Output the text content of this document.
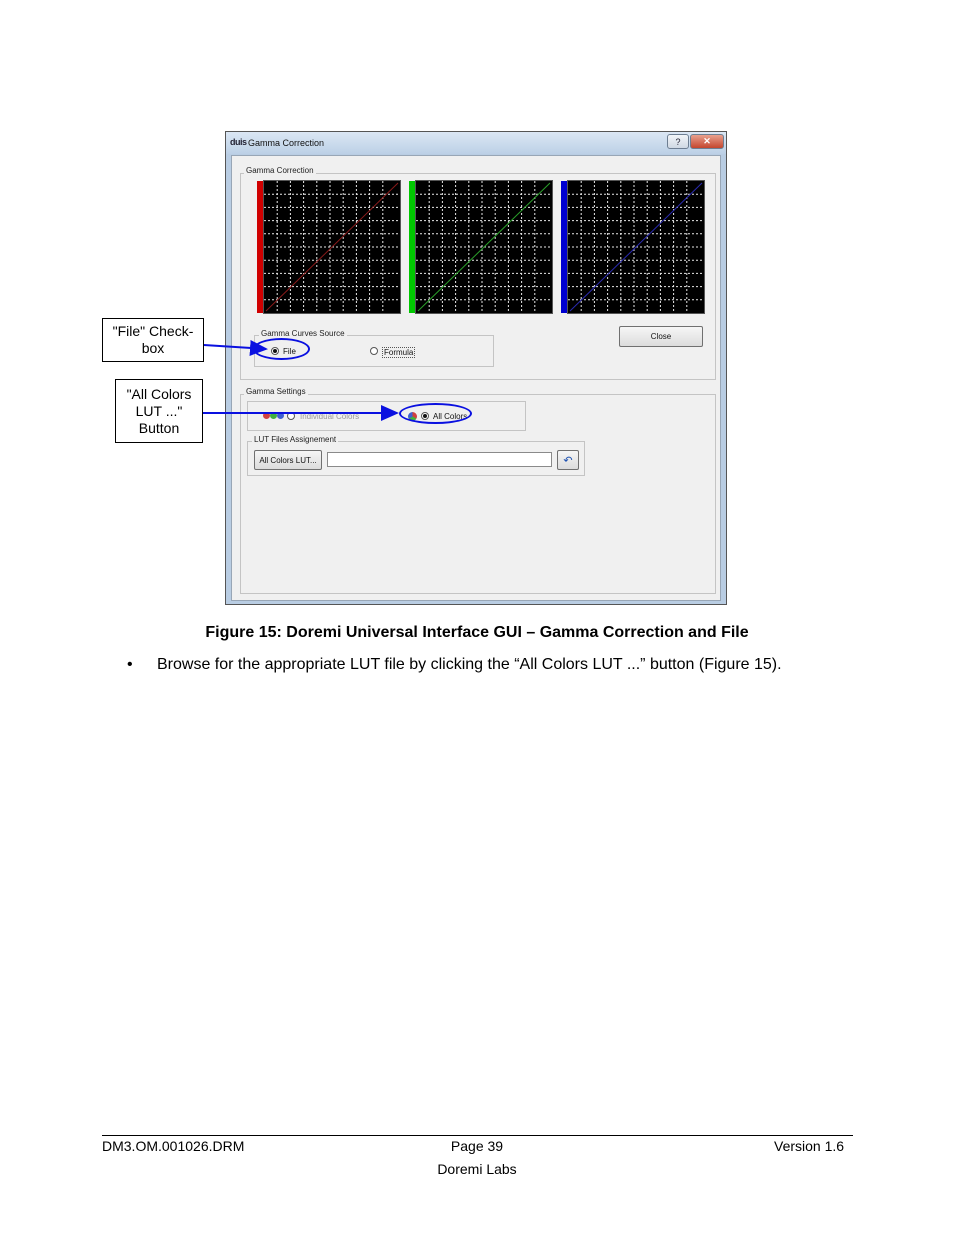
duis Gamma Correction	?	✕
Gamma Correction
Gamma Curves Source
File	Formula
Close
Gamma Settings
Individual Colors	All Colors
LUT Files Assignement
All Colors LUT...	↶
"File" Check-
box
"All Colors
LUT ..."
Button
Figure 15: Doremi Universal Interface GUI – Gamma Correction and File
• Browse for the appropriate LUT file by clicking the “All Colors LUT ...” button (Figure 15).
DM3.OM.001026.DRM	Page 39
Doremi Labs
Version 1.6
